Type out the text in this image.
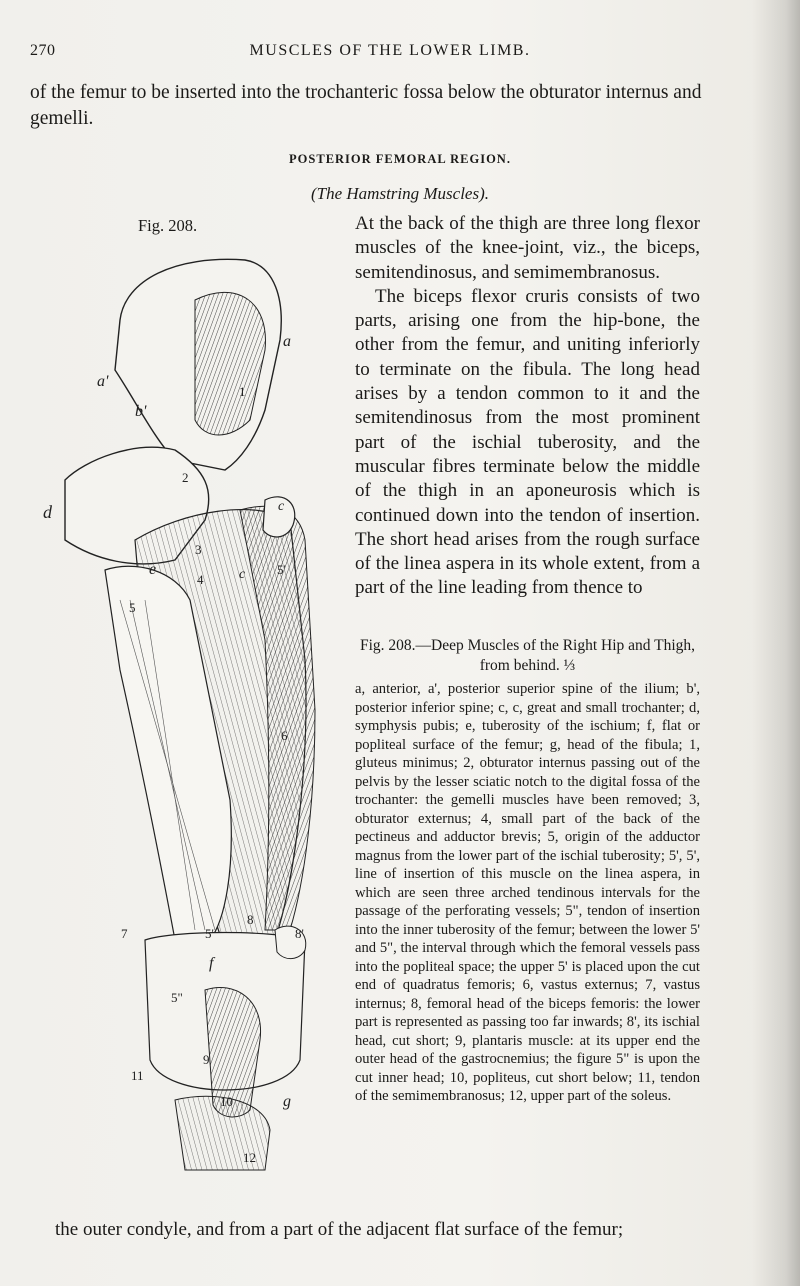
270	MUSCLES OF THE LOWER LIMB.
of the femur to be inserted into the trochanteric fossa below the obturator internus and gemelli.
POSTERIOR FEMORAL REGION.
(The Hamstring Muscles).
Fig. 208.
a
a'
b'
c
c
d
e
f
g
1
2
3
4
5
5'
5'
5"
6
7
8
8'
9
10
11
12

At the back of the thigh are three long flexor muscles of the knee-joint, viz., the biceps, semitendinosus, and semimembranosus.

The biceps flexor cruris consists of two parts, arising one from the hip-bone, the other from the femur, and uniting inferiorly to terminate on the fibula. The long head arises by a tendon common to it and the semitendinosus from the most prominent part of the ischial tuberosity, and the muscular fibres terminate below the middle of the thigh in an aponeurosis which is continued down into the tendon of insertion. The short head arises from the rough surface of the linea aspera in its whole extent, from a part of the line leading from thence to

Fig. 208.—Deep Muscles of the Right Hip and Thigh, from behind. ⅓
a, anterior, a', posterior superior spine of the ilium; b', posterior inferior spine; c, c, great and small trochanter; d, symphysis pubis; e, tuberosity of the ischium; f, flat or popliteal surface of the femur; g, head of the fibula; 1, gluteus minimus; 2, obturator internus passing out of the pelvis by the lesser sciatic notch to the digital fossa of the trochanter: the gemelli muscles have been removed; 3, obturator externus; 4, small part of the back of the pectineus and adductor brevis; 5, origin of the adductor magnus from the lower part of the ischial tuberosity; 5', 5', line of insertion of this muscle on the linea aspera, in which are seen three arched tendinous intervals for the passage of the perforating vessels; 5", tendon of insertion into the inner tuberosity of the femur; between the lower 5' and 5", the interval through which the femoral vessels pass into the popliteal space; the upper 5' is placed upon the cut end of quadratus femoris; 6, vastus externus; 7, vastus internus; 8, femoral head of the biceps femoris: the lower part is represented as passing too far inwards; 8', its ischial head, cut short; 9, plantaris muscle: at its upper end the outer head of the gastrocnemius; the figure 5" is upon the cut inner head; 10, popliteus, cut short below; 11, tendon of the semimembranosus; 12, upper part of the soleus.
the outer condyle, and from a part of the adjacent flat surface of the femur;
